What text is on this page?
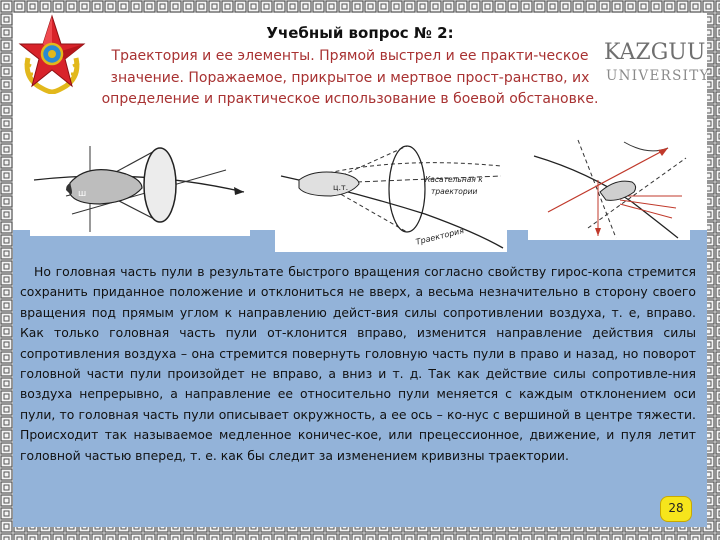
KAZGUU
UNIVERSITY
Учебный вопрос № 2:
Траектория и ее элементы. Прямой выстрел и ее практи-ческое значение. Поражаемое, прикрытое и мертвое прост-ранство, их определение и практическое использование в боевой обстановке.
ш
ц.т.
Касательная к
траектории
Траектория
Но головная часть пули в результате быстрого вращения согласно свойству гирос-копа стремится сохранить приданное положение и отклониться не вверх, а весьма незначительно в сторону своего вращения под прямым углом к направлению дейст-вия силы сопротивлении воздуха, т. е, вправо. Как только головная часть пули от-клонится вправо, изменится направление действия силы сопротивления воздуха – она стремится повернуть головную часть пули в право и назад, но поворот головной части пули произойдет не вправо, а вниз и т. д. Так как действие силы сопротивле-ния воздуха непрерывно, а направление ее относительно пули меняется с каждым отклонением оси пули, то головная часть пули описывает окружность, а ее ось – ко-нус с вершиной в центре тяжести. Происходит так называемое медленное коничес-кое, или прецессионное, движение, и пуля летит головной частью вперед, т. е. как бы следит за изменением кривизны траектории.
28
